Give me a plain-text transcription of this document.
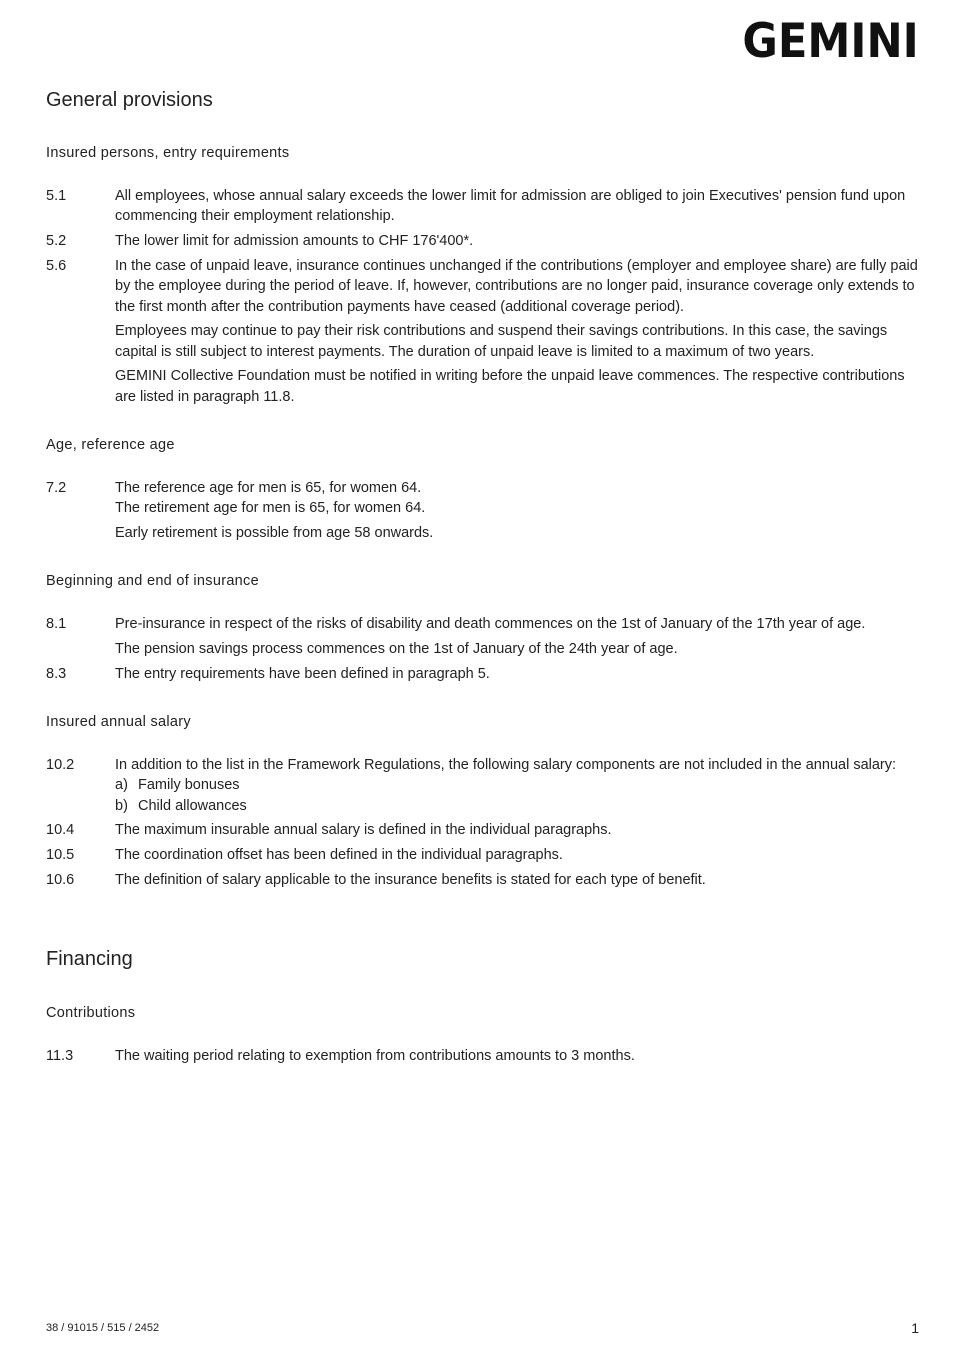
GEMINI
General provisions
Insured persons, entry requirements
5.1	All employees, whose annual salary exceeds the lower limit for admission are obliged to join Executives' pension fund upon commencing their employment relationship.

5.2	The lower limit for admission amounts to CHF 176'400*.

5.6	In the case of unpaid leave, insurance continues unchanged if the contributions (employer and employee share) are fully paid by the employee during the period of leave. If, however, contributions are no longer paid, insurance coverage only extends to the first month after the contribution payments have ceased (additional coverage period).

Employees may continue to pay their risk contributions and suspend their savings contributions. In this case, the savings capital is still subject to interest payments. The duration of unpaid leave is limited to a maximum of two years.

GEMINI Collective Foundation must be notified in writing before the unpaid leave commences. The respective contributions are listed in paragraph 11.8.

Age, reference age
7.2	The reference age for men is 65, for women 64.

The retirement age for men is 65, for women 64.

Early retirement is possible from age 58 onwards.

Beginning and end of insurance
8.1	Pre-insurance in respect of the risks of disability and death commences on the 1st of January of the 17th year of age.

The pension savings process commences on the 1st of January of the 24th year of age.

8.3	The entry requirements have been defined in paragraph 5.

Insured annual salary
10.2	In addition to the list in the Framework Regulations, the following salary components are not included in the annual salary:

a) Family bonuses
b) Child allowances
10.4	The maximum insurable annual salary is defined in the individual paragraphs.

10.5	The coordination offset has been defined in the individual paragraphs.

10.6	The definition of salary applicable to the insurance benefits is stated for each type of benefit.

Financing
Contributions
11.3	The waiting period relating to exemption from contributions amounts to 3 months.

38 / 91015 / 515 / 2452	1
